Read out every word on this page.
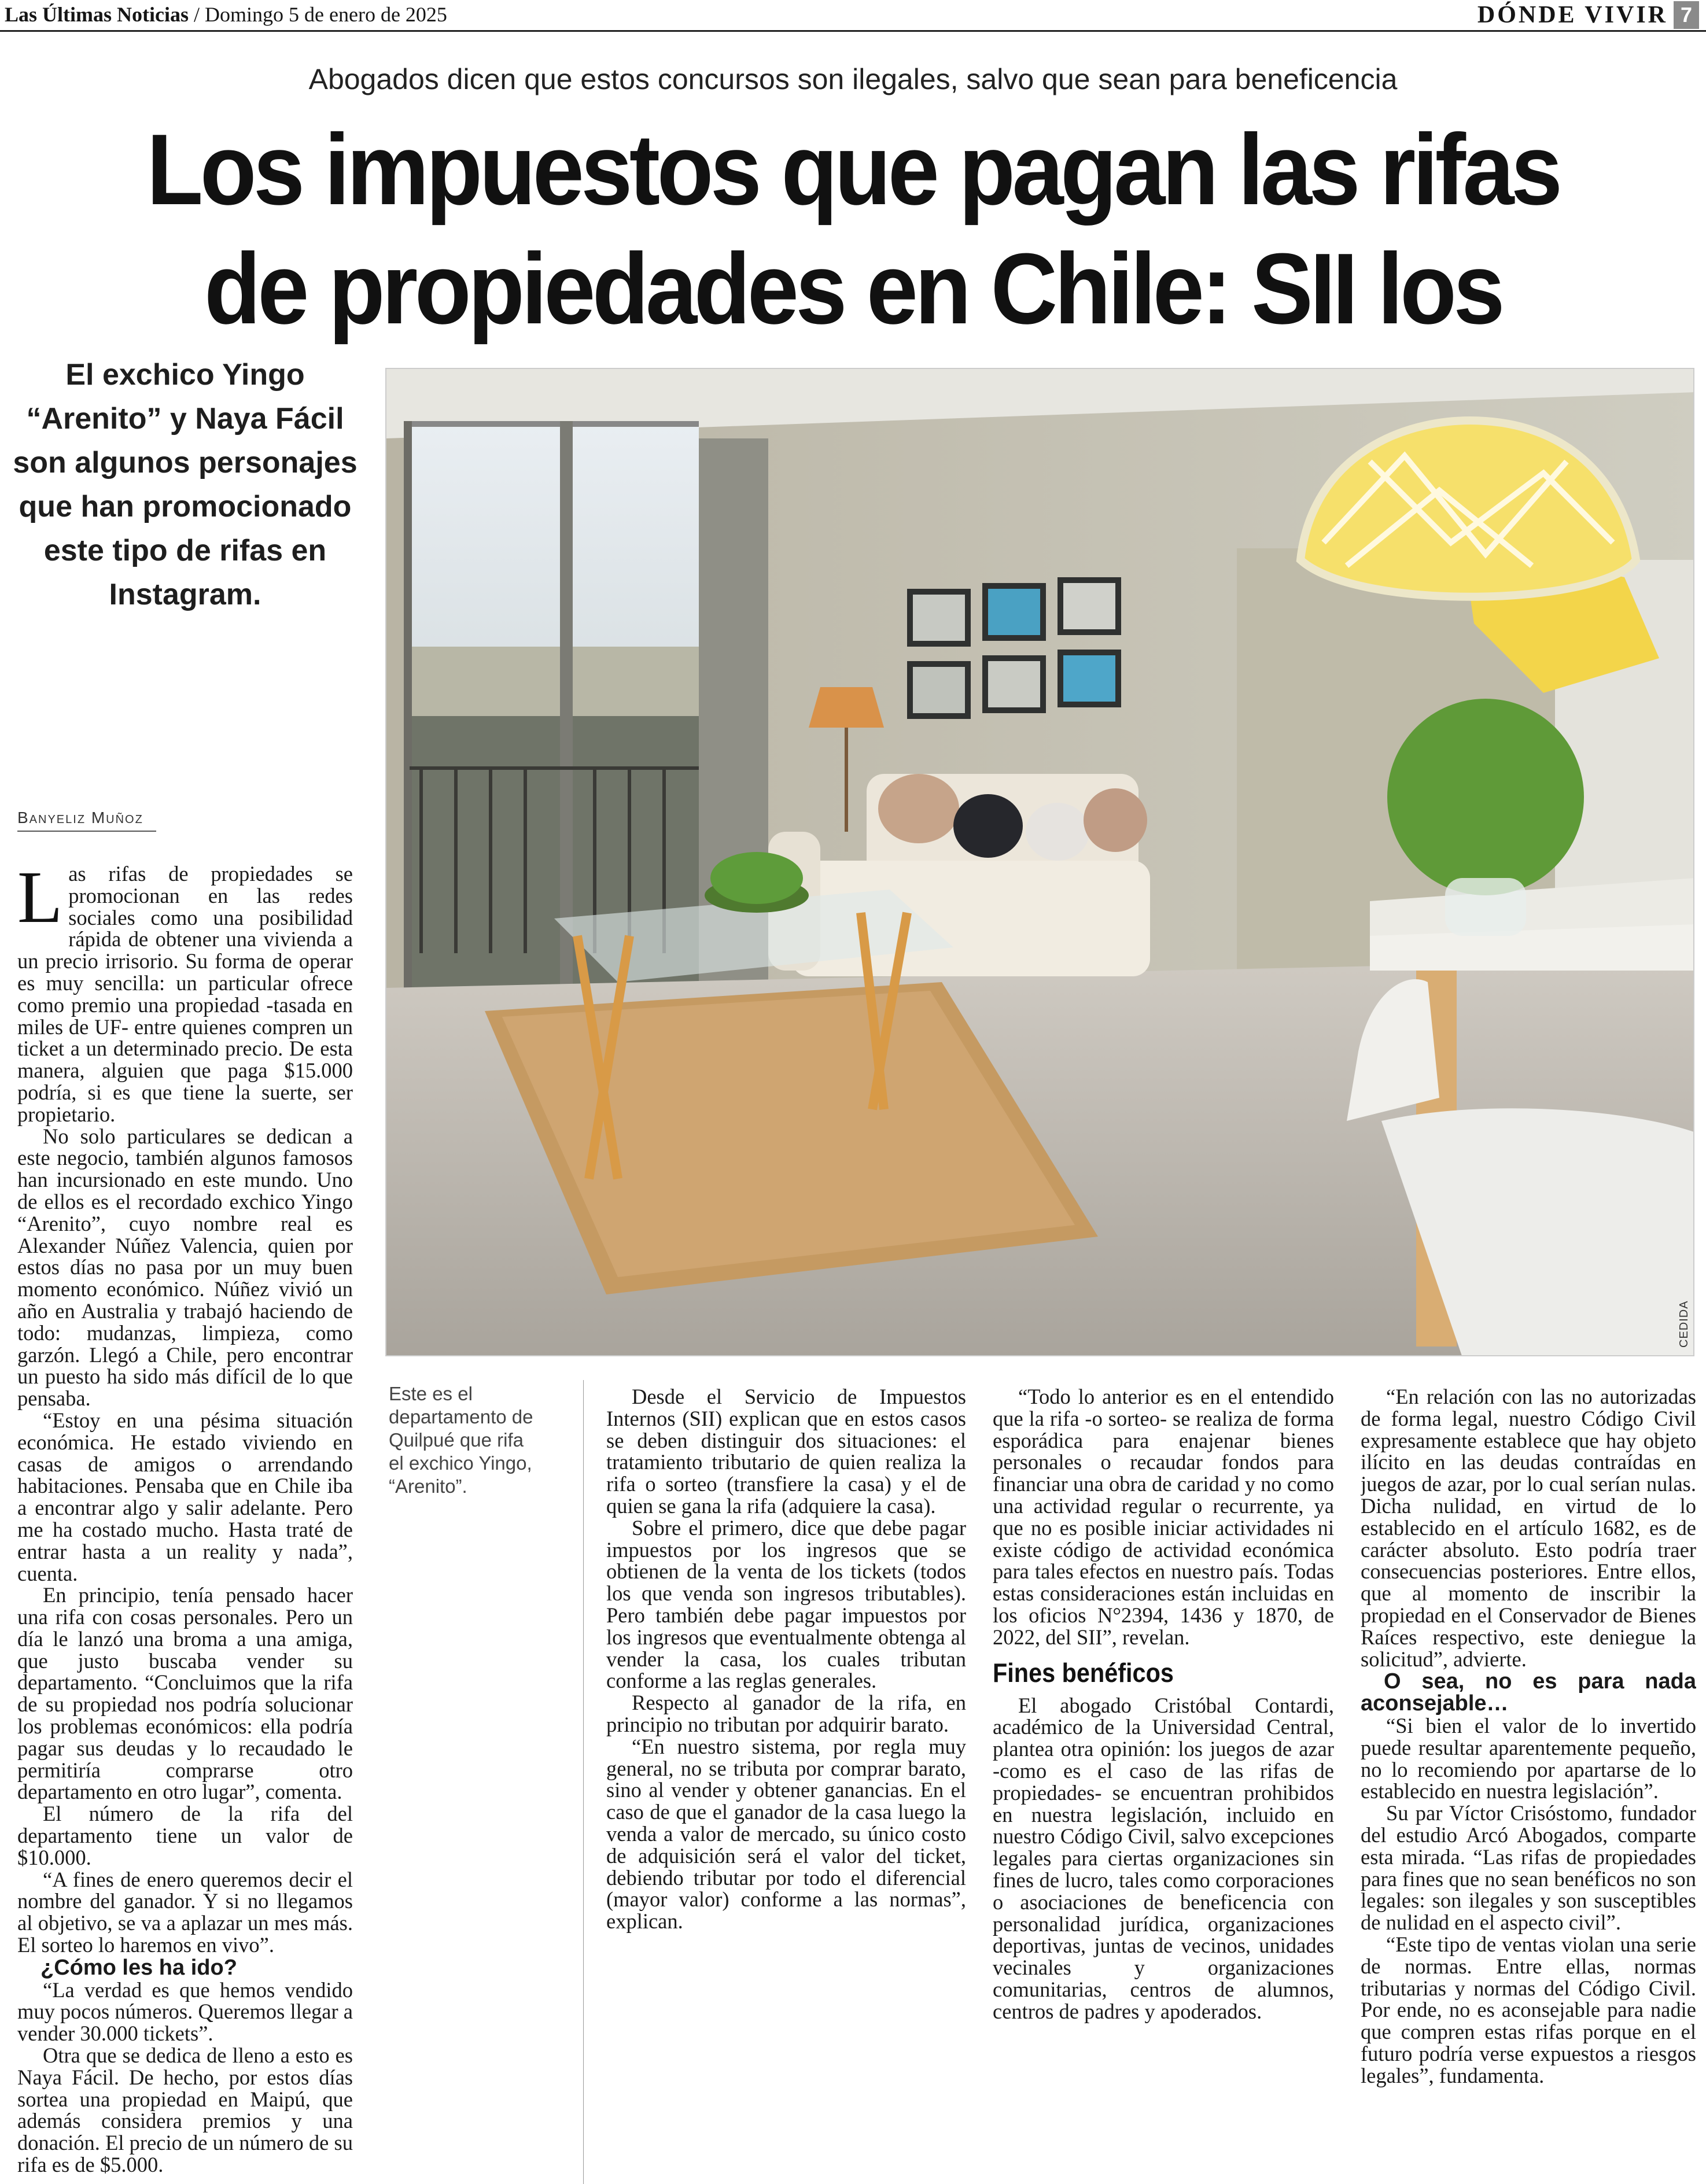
Las Últimas Noticias / Domingo 5 de enero de 2025	DÓNDE VIVIR 7
Abogados dicen que estos concursos son ilegales, salvo que sean para beneficencia
Los impuestos que pagan las rifas de propiedades en Chile: SII los
El exchico Yingo “Arenito” y Naya Fácil son algunos personajes que han promocionado este tipo de rifas en Instagram.
CEDIDA
Este es el departamento de Quilpué que rifa el exchico Yingo, “Arenito”.
Banyeliz Muñoz

Las rifas de propiedades se promocionan en las redes sociales como una posibilidad rápida de obtener una vivienda a un precio irrisorio. Su forma de operar es muy sencilla: un particular ofrece como premio una propiedad -tasada en miles de UF- entre quienes compren un ticket a un determinado precio. De esta manera, alguien que paga $15.000 podría, si es que tiene la suerte, ser propietario.

No solo particulares se dedican a este negocio, también algunos famosos han incursionado en este mundo. Uno de ellos es el recordado exchico Yingo “Arenito”, cuyo nombre real es Alexander Núñez Valencia, quien por estos días no pasa por un muy buen momento económico. Núñez vivió un año en Australia y trabajó haciendo de todo: mudanzas, limpieza, como garzón. Llegó a Chile, pero encontrar un puesto ha sido más difícil de lo que pensaba.

“Estoy en una pésima situación económica. He estado viviendo en casas de amigos o arrendando habitaciones. Pensaba que en Chile iba a encontrar algo y salir adelante. Pero me ha costado mucho. Hasta traté de entrar hasta a un reality y nada”, cuenta.

En principio, tenía pensado hacer una rifa con cosas personales. Pero un día le lanzó una broma a una amiga, que justo buscaba vender su departamento. “Concluimos que la rifa de su propiedad nos podría solucionar los problemas económicos: ella podría pagar sus deudas y lo recaudado le permitiría comprarse otro departamento en otro lugar”, comenta.

El número de la rifa del departamento tiene un valor de $10.000.

“A fines de enero queremos decir el nombre del ganador. Y si no llegamos al objetivo, se va a aplazar un mes más. El sorteo lo haremos en vivo”.

¿Cómo les ha ido?

“La verdad es que hemos vendido muy pocos números. Queremos llegar a vender 30.000 tickets”.

Otra que se dedica de lleno a esto es Naya Fácil. De hecho, por estos días sortea una propiedad en Maipú, que además considera premios y una donación. El precio de un número de su rifa es de $5.000.

Desde el Servicio de Impuestos Internos (SII) explican que en estos casos se deben distinguir dos situaciones: el tratamiento tributario de quien realiza la rifa o sorteo (transfiere la casa) y el de quien se gana la rifa (adquiere la casa).

Sobre el primero, dice que debe pagar impuestos por los ingresos que se obtienen de la venta de los tickets (todos los que venda son ingresos tributables). Pero también debe pagar impuestos por los ingresos que eventualmente obtenga al vender la casa, los cuales tributan conforme a las reglas generales.

Respecto al ganador de la rifa, en principio no tributan por adquirir barato.

“En nuestro sistema, por regla muy general, no se tributa por comprar barato, sino al vender y obtener ganancias. En el caso de que el ganador de la casa luego la venda a valor de mercado, su único costo de adquisición será el valor del ticket, debiendo tributar por todo el diferencial (mayor valor) conforme a las normas”, explican.

“Todo lo anterior es en el entendido que la rifa -o sorteo- se realiza de forma esporádica para enajenar bienes personales o recaudar fondos para financiar una obra de caridad y no como una actividad regular o recurrente, ya que no es posible iniciar actividades ni existe código de actividad económica para tales efectos en nuestro país. Todas estas consideraciones están incluidas en los oficios N°2394, 1436 y 1870, de 2022, del SII”, revelan.

Fines benéficos

El abogado Cristóbal Contardi, académico de la Universidad Central, plantea otra opinión: los juegos de azar -como es el caso de las rifas de propiedades- se encuentran prohibidos en nuestra legislación, incluido en nuestro Código Civil, salvo excepciones legales para ciertas organizaciones sin fines de lucro, tales como corporaciones o asociaciones de beneficencia con personalidad jurídica, organizaciones deportivas, juntas de vecinos, unidades vecinales y organizaciones comunitarias, centros de alumnos, centros de padres y apoderados.

“En relación con las no autorizadas de forma legal, nuestro Código Civil expresamente establece que hay objeto ilícito en las deudas contraídas en juegos de azar, por lo cual serían nulas. Dicha nulidad, en virtud de lo establecido en el artículo 1682, es de carácter absoluto. Esto podría traer consecuencias posteriores. Entre ellos, que al momento de inscribir la propiedad en el Conservador de Bienes Raíces respectivo, este deniegue la solicitud”, advierte.

O sea, no es para nada aconsejable…

“Si bien el valor de lo invertido puede resultar aparentemente pequeño, no lo recomiendo por apartarse de lo establecido en nuestra legislación”.

Su par Víctor Crisóstomo, fundador del estudio Arcó Abogados, comparte esta mirada. “Las rifas de propiedades para fines que no sean benéficos no son legales: son ilegales y son susceptibles de nulidad en el aspecto civil”.

“Este tipo de ventas violan una serie de normas. Entre ellas, normas tributarias y normas del Código Civil. Por ende, no es aconsejable para nadie que compren estas rifas porque en el futuro podría verse expuestos a riesgos legales”, fundamenta.
